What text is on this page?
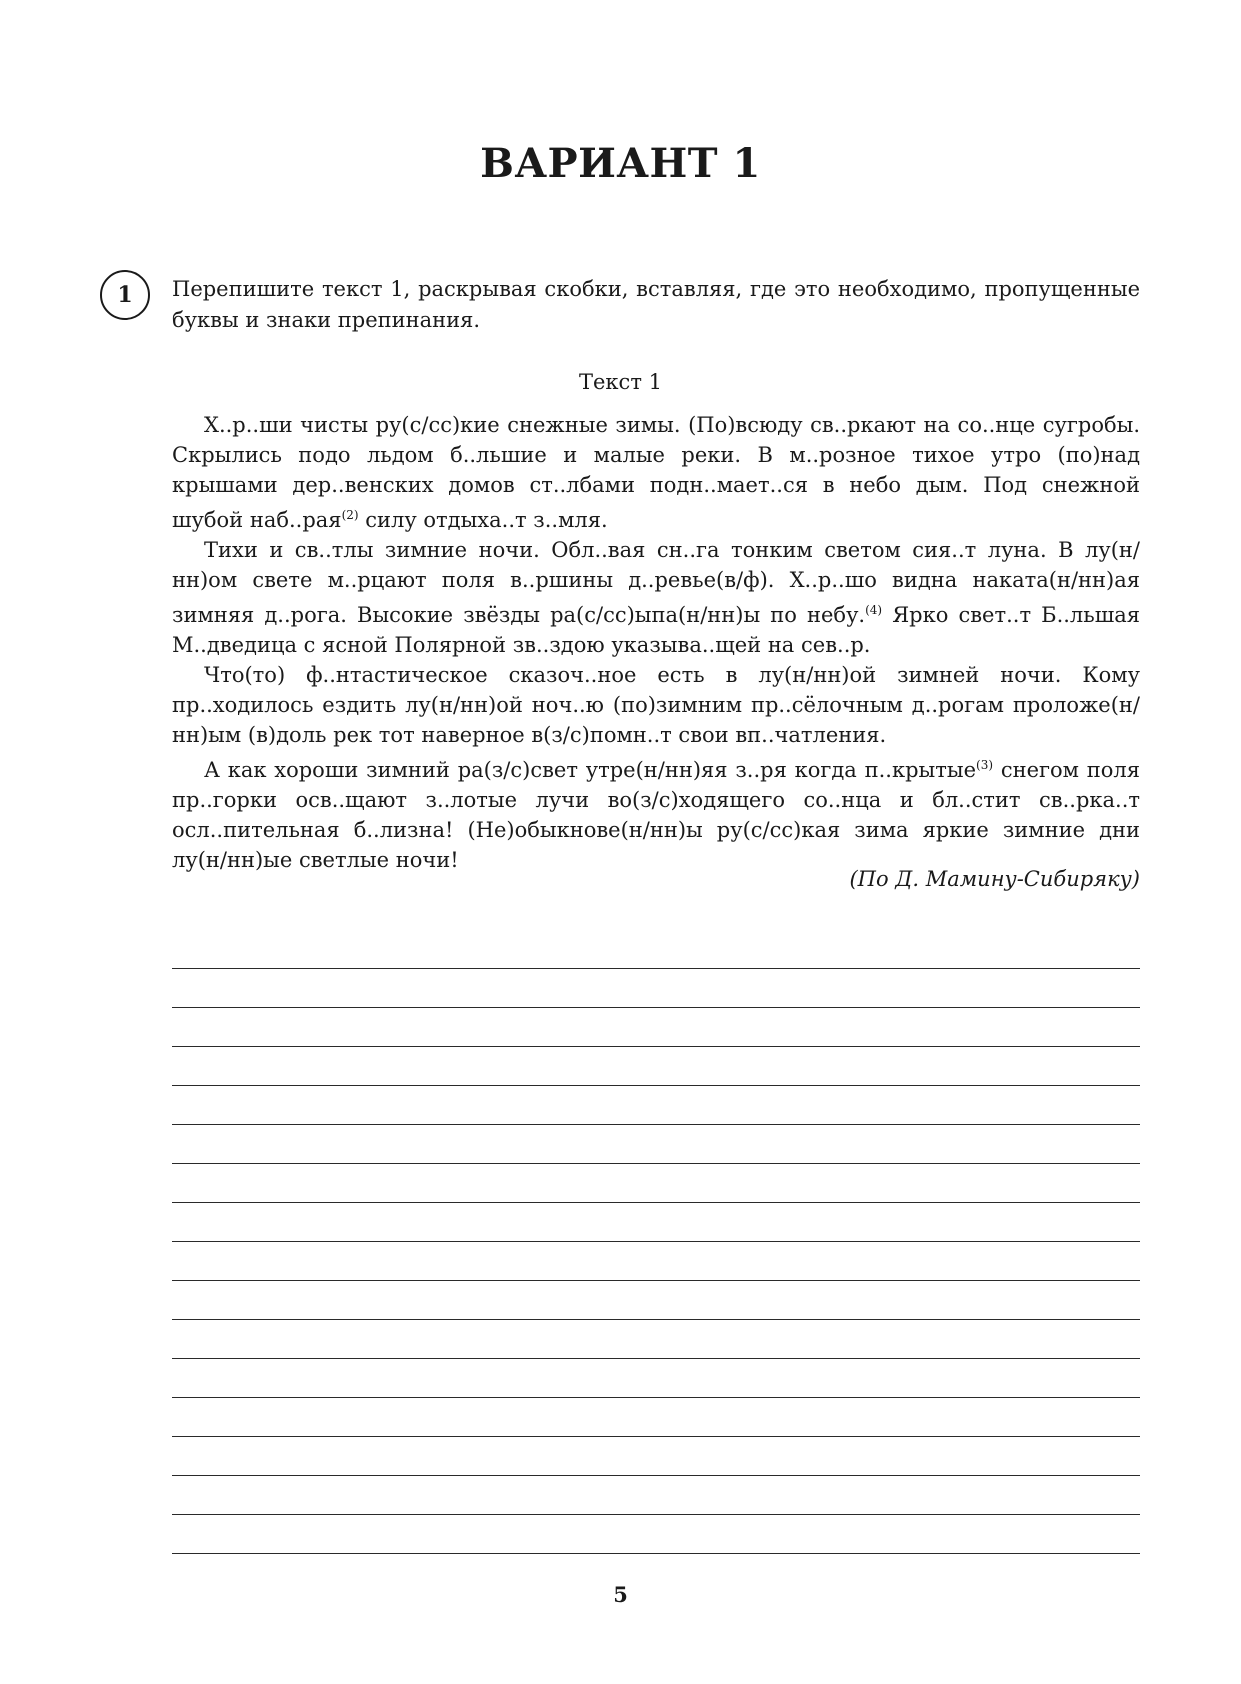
ВАРИАНТ 1
1	Перепишите текст 1, раскрывая скобки, вставляя, где это необходимо, пропущенные буквы и знаки препинания.

Текст 1

Х..р..ши чисты ру(с/сс)кие снежные зимы. (По)всюду св..ркают на со..нце сугробы. Скрылись подо льдом б..льшие и малые реки. В м..розное тихое утро (по)над крышами дер..венских домов ст..лбами подн..мает..ся в небо дым. Под снежной шубой наб..рая$^{(2)}$ силу отдыха..т з..мля.

Тихи и св..тлы зимние ночи. Обл..вая сн..га тонким светом сия..т луна. В лу(н/нн)ом свете м..рцают поля в..ршины д..ревье(в/ф). Х..р..шо видна наката(н/нн)ая зимняя д..рога. Высокие звёзды ра(с/сс)ыпа(н/нн)ы по небу.$^{(4)}$ Ярко свет..т Б..льшая М..дведица с ясной Полярной зв..здою указыва..щей на сев..р.

Что(то) ф..нтастическое сказоч..ное есть в лу(н/нн)ой зимней ночи. Кому пр..ходилось ездить лу(н/нн)ой ноч..ю (по)зимним пр..сёлочным д..рогам проложе(н/нн)ым (в)доль рек тот наверное в(з/с)помн..т свои вп..чатления.

А как хороши зимний ра(з/с)свет утре(н/нн)яя з..ря когда п..крытые$^{(3)}$ снегом поля пр..горки осв..щают з..лотые лучи во(з/с)ходящего со..нца и бл..стит св..рка..т осл..пительная б..лизна! (Не)обыкнове(н/нн)ы ру(с/сс)кая зима яркие зимние дни лу(н/нн)ые светлые ночи!

(По Д. Мамину-Сибиряку)

5
